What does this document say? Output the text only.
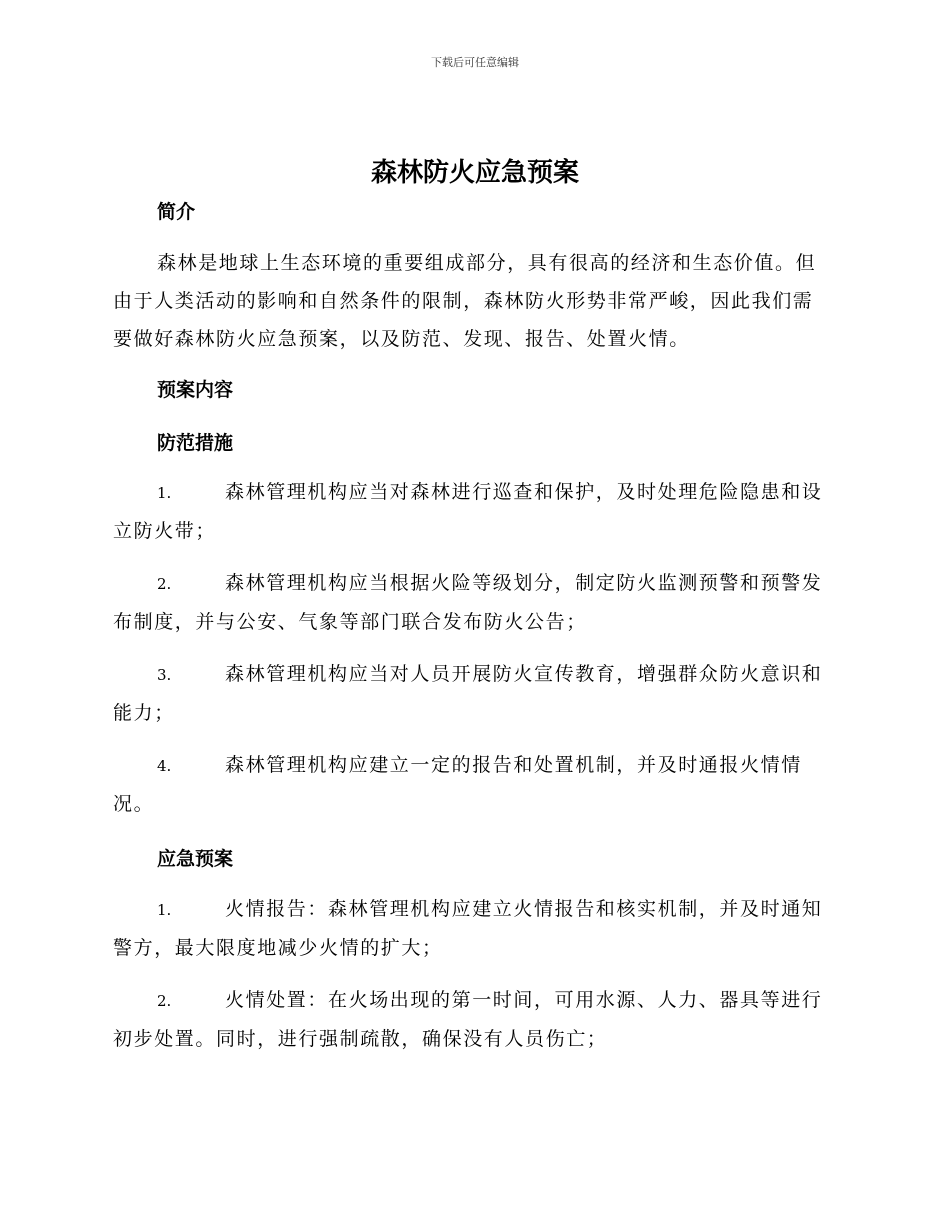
下载后可任意编辑
森林防火应急预案
简介

森林是地球上生态环境的重要组成部分，具有很高的经济和生态价值。但由于人类活动的影响和自然条件的限制，森林防火形势非常严峻，因此我们需要做好森林防火应急预案，以及防范、发现、报告、处置火情。

预案内容
防范措施

1.	森林管理机构应当对森林进行巡查和保护，及时处理危险隐患和设立防火带；

2.	森林管理机构应当根据火险等级划分，制定防火监测预警和预警发布制度，并与公安、气象等部门联合发布防火公告；

3.	森林管理机构应当对人员开展防火宣传教育，增强群众防火意识和能力；

4.	森林管理机构应建立一定的报告和处置机制，并及时通报火情情况。

应急预案

1.	火情报告：森林管理机构应建立火情报告和核实机制，并及时通知警方，最大限度地减少火情的扩大；

2.	火情处置：在火场出现的第一时间，可用水源、人力、器具等进行初步处置。同时，进行强制疏散，确保没有人员伤亡；
